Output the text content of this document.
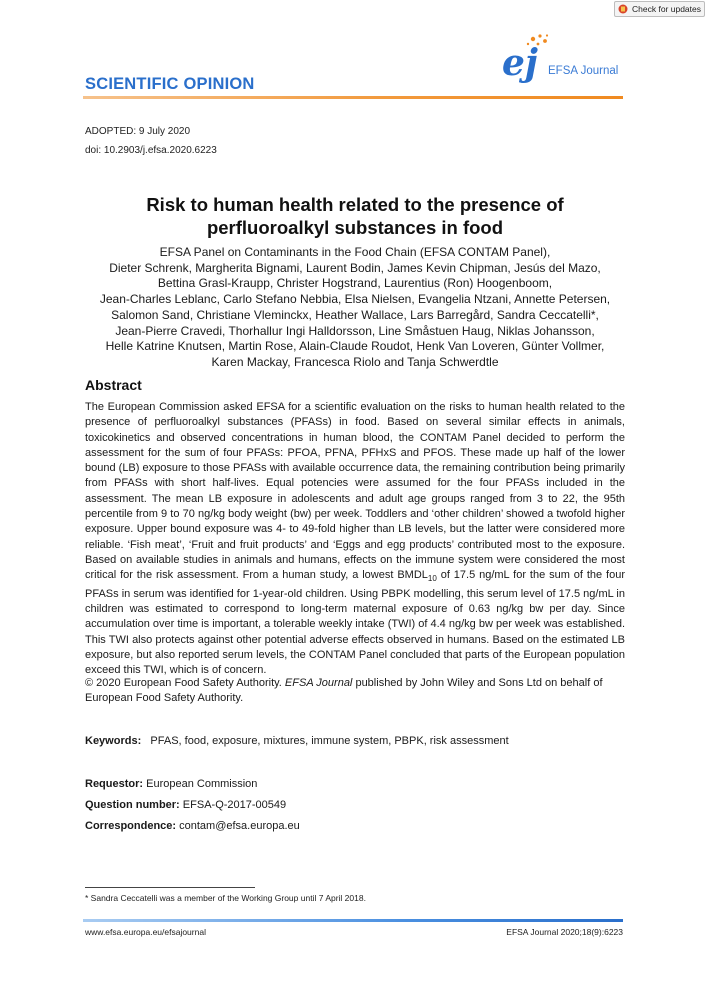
Check for updates
SCIENTIFIC OPINION	ej EFSA Journal
ADOPTED: 9 July 2020
doi: 10.2903/j.efsa.2020.6223
Risk to human health related to the presence of
perfluoroalkyl substances in food
EFSA Panel on Contaminants in the Food Chain (EFSA CONTAM Panel),
Dieter Schrenk, Margherita Bignami, Laurent Bodin, James Kevin Chipman, Jesús del Mazo,
Bettina Grasl-Kraupp, Christer Hogstrand, Laurentius (Ron) Hoogenboom,
Jean-Charles Leblanc, Carlo Stefano Nebbia, Elsa Nielsen, Evangelia Ntzani, Annette Petersen,
Salomon Sand, Christiane Vleminckx, Heather Wallace, Lars Barregård, Sandra Ceccatelli*,
Jean-Pierre Cravedi, Thorhallur Ingi Halldorsson, Line Småstuen Haug, Niklas Johansson,
Helle Katrine Knutsen, Martin Rose, Alain-Claude Roudot, Henk Van Loveren, Günter Vollmer,
Karen Mackay, Francesca Riolo and Tanja Schwerdtle
Abstract
The European Commission asked EFSA for a scientific evaluation on the risks to human health related to the presence of perfluoroalkyl substances (PFASs) in food. Based on several similar effects in animals, toxicokinetics and observed concentrations in human blood, the CONTAM Panel decided to perform the assessment for the sum of four PFASs: PFOA, PFNA, PFHxS and PFOS. These made up half of the lower bound (LB) exposure to those PFASs with available occurrence data, the remaining contribution being primarily from PFASs with short half-lives. Equal potencies were assumed for the four PFASs included in the assessment. The mean LB exposure in adolescents and adult age groups ranged from 3 to 22, the 95th percentile from 9 to 70 ng/kg body weight (bw) per week. Toddlers and ‘other children’ showed a twofold higher exposure. Upper bound exposure was 4- to 49-fold higher than LB levels, but the latter were considered more reliable. ‘Fish meat’, ‘Fruit and fruit products’ and ‘Eggs and egg products’ contributed most to the exposure. Based on available studies in animals and humans, effects on the immune system were considered the most critical for the risk assessment. From a human study, a lowest $BMDL_{10}$ of 17.5 ng/mL for the sum of the four PFASs in serum was identified for 1-year-old children. Using PBPK modelling, this serum level of 17.5 ng/mL in children was estimated to correspond to long-term maternal exposure of 0.63 ng/kg bw per day. Since accumulation over time is important, a tolerable weekly intake (TWI) of 4.4 ng/kg bw per week was established. This TWI also protects against other potential adverse effects observed in humans. Based on the estimated LB exposure, but also reported serum levels, the CONTAM Panel concluded that parts of the European population exceed this TWI, which is of concern.
© 2020 European Food Safety Authority. EFSA Journal published by John Wiley and Sons Ltd on behalf of European Food Safety Authority.
Keywords: PFAS, food, exposure, mixtures, immune system, PBPK, risk assessment
Requestor: European Commission
Question number: EFSA-Q-2017-00549
Correspondence: contam@efsa.europa.eu
* Sandra Ceccatelli was a member of the Working Group until 7 April 2018.
www.efsa.europa.eu/efsajournal	EFSA Journal 2020;18(9):6223
